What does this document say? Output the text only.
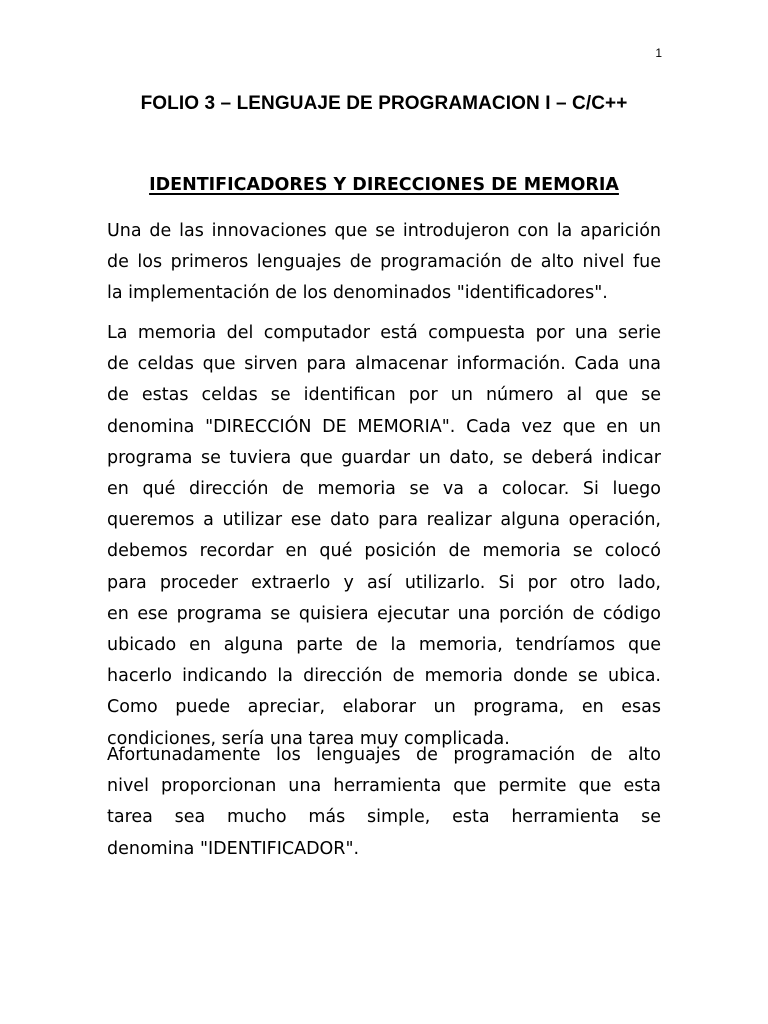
1
FOLIO 3 – LENGUAJE DE PROGRAMACION I – C/C++
IDENTIFICADORES Y DIRECCIONES DE MEMORIA

Una de las innovaciones que se introdujeron con la aparición
de los primeros lenguajes de programación de alto nivel fue
la implementación de los denominados "identificadores".

La memoria del computador está compuesta por una serie
de celdas que sirven para almacenar información. Cada una
de estas celdas se identifican por un número al que se
denomina "DIRECCIÓN DE MEMORIA". Cada vez que en un
programa se tuviera que guardar un dato, se deberá indicar
en qué dirección de memoria se va a colocar. Si luego
queremos a utilizar ese dato para realizar alguna operación,
debemos recordar en qué posición de memoria se colocó
para proceder extraerlo y así utilizarlo. Si por otro lado,
en ese programa se quisiera ejecutar una porción de código
ubicado en alguna parte de la memoria, tendríamos que
hacerlo indicando la dirección de memoria donde se ubica.
Como puede apreciar, elaborar un programa, en esas
condiciones, sería una tarea muy complicada.

Afortunadamente los lenguajes de programación de alto
nivel proporcionan una herramienta que permite que esta
tarea sea mucho más simple, esta herramienta se
denomina "IDENTIFICADOR".
